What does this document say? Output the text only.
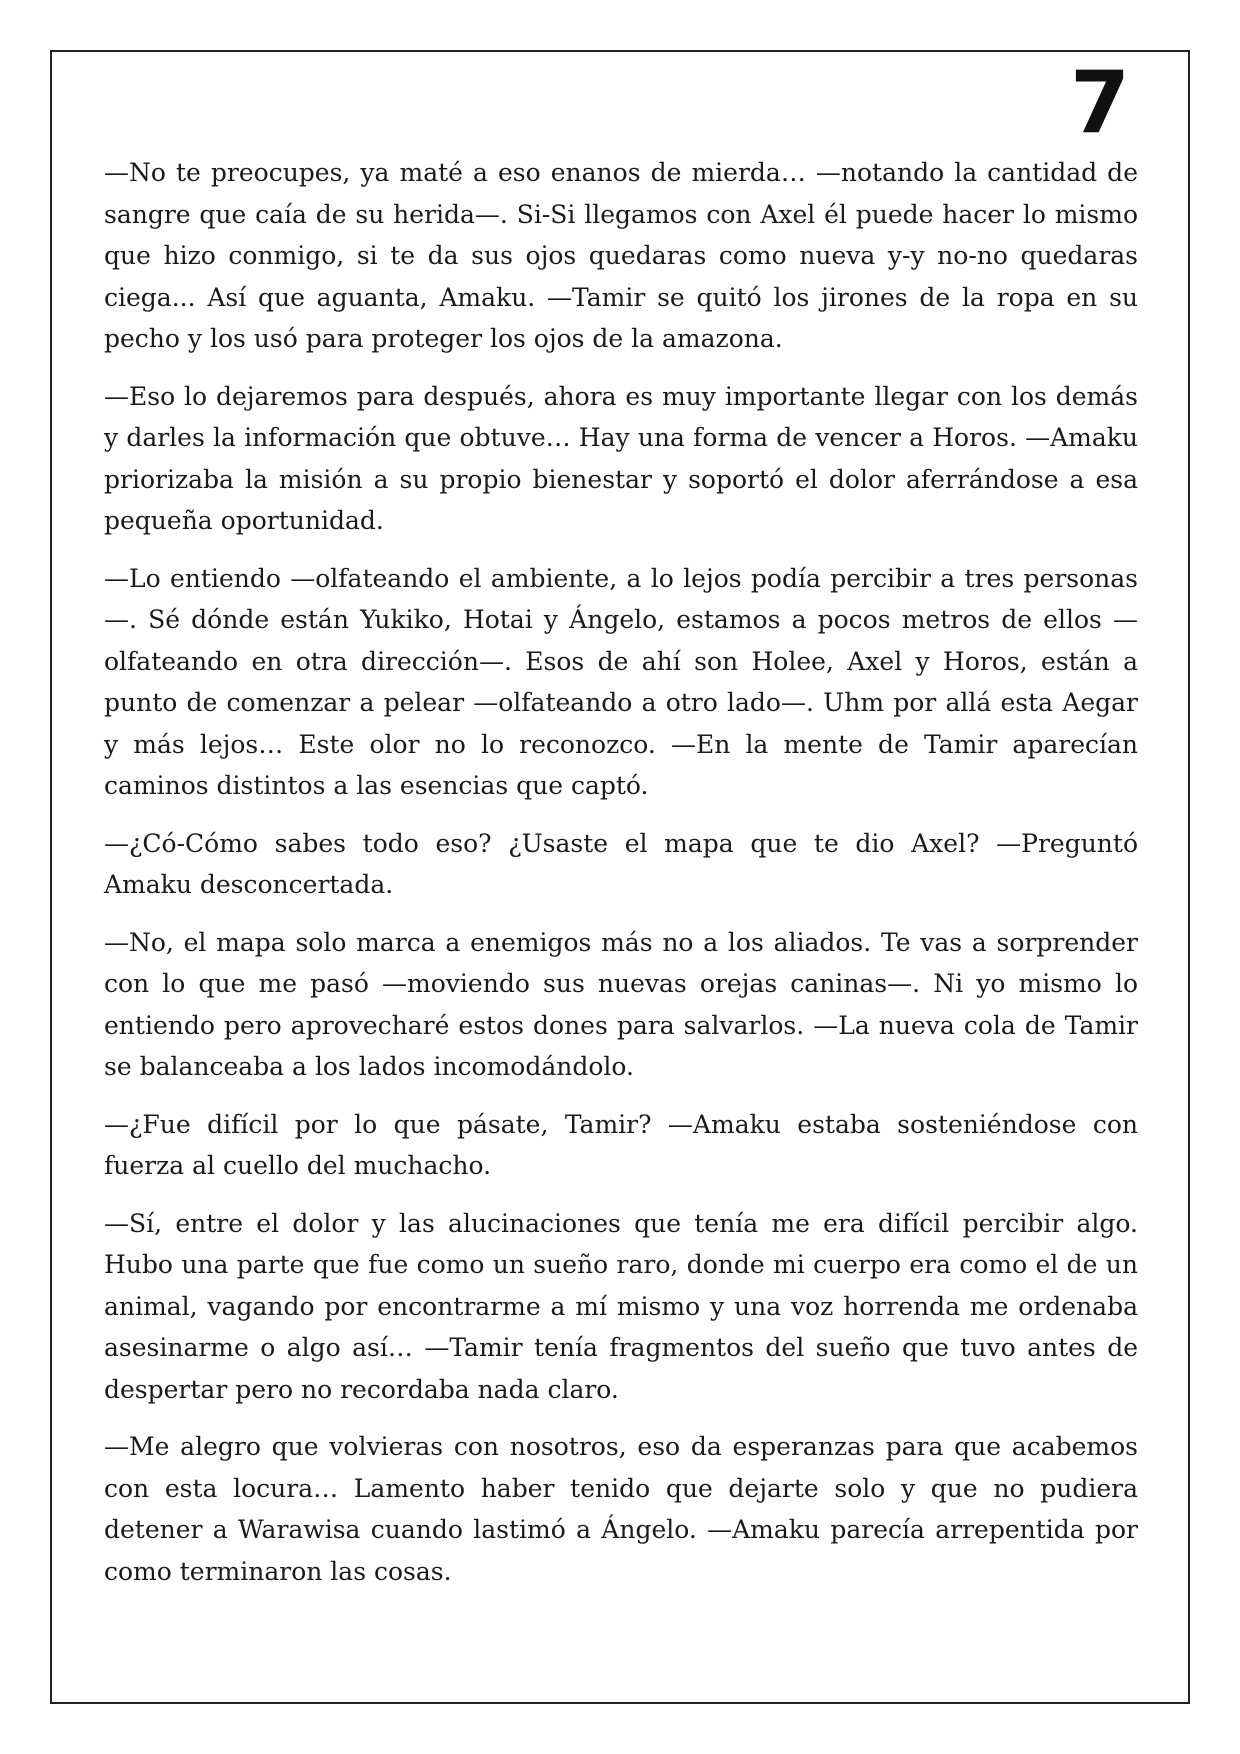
7

—No te preocupes, ya maté a eso enanos de mierda… —notando la cantidad de sangre que caía de su herida—. Si-Si llegamos con Axel él puede hacer lo mismo que hizo conmigo, si te da sus ojos quedaras como nueva y-y no-no quedaras ciega... Así que aguanta, Amaku. —Tamir se quitó los jirones de la ropa en su pecho y los usó para proteger los ojos de la amazona.

—Eso lo dejaremos para después, ahora es muy importante llegar con los demás y darles la información que obtuve… Hay una forma de vencer a Horos. —Amaku priorizaba la misión a su propio bienestar y soportó el dolor aferrándose a esa pequeña oportunidad.

—Lo entiendo —olfateando el ambiente, a lo lejos podía percibir a tres personas—. Sé dónde están Yukiko, Hotai y Ángelo, estamos a pocos metros de ellos —olfateando en otra dirección—. Esos de ahí son Holee, Axel y Horos, están a punto de comenzar a pelear —olfateando a otro lado—. Uhm por allá esta Aegar y más lejos… Este olor no lo reconozco. —En la mente de Tamir aparecían caminos distintos a las esencias que captó.

—¿Có-Cómo sabes todo eso? ¿Usaste el mapa que te dio Axel? —Preguntó Amaku desconcertada.

—No, el mapa solo marca a enemigos más no a los aliados. Te vas a sorprender con lo que me pasó —moviendo sus nuevas orejas caninas—. Ni yo mismo lo entiendo pero aprovecharé estos dones para salvarlos. —La nueva cola de Tamir se balanceaba a los lados incomodándolo.

—¿Fue difícil por lo que pásate, Tamir? —Amaku estaba sosteniéndose con fuerza al cuello del muchacho.

—Sí, entre el dolor y las alucinaciones que tenía me era difícil percibir algo. Hubo una parte que fue como un sueño raro, donde mi cuerpo era como el de un animal, vagando por encontrarme a mí mismo y una voz horrenda me ordenaba asesinarme o algo así… —Tamir tenía fragmentos del sueño que tuvo antes de despertar pero no recordaba nada claro.

—Me alegro que volvieras con nosotros, eso da esperanzas para que acabemos con esta locura… Lamento haber tenido que dejarte solo y que no pudiera detener a Warawisa cuando lastimó a Ángelo. —Amaku parecía arrepentida por como terminaron las cosas.
